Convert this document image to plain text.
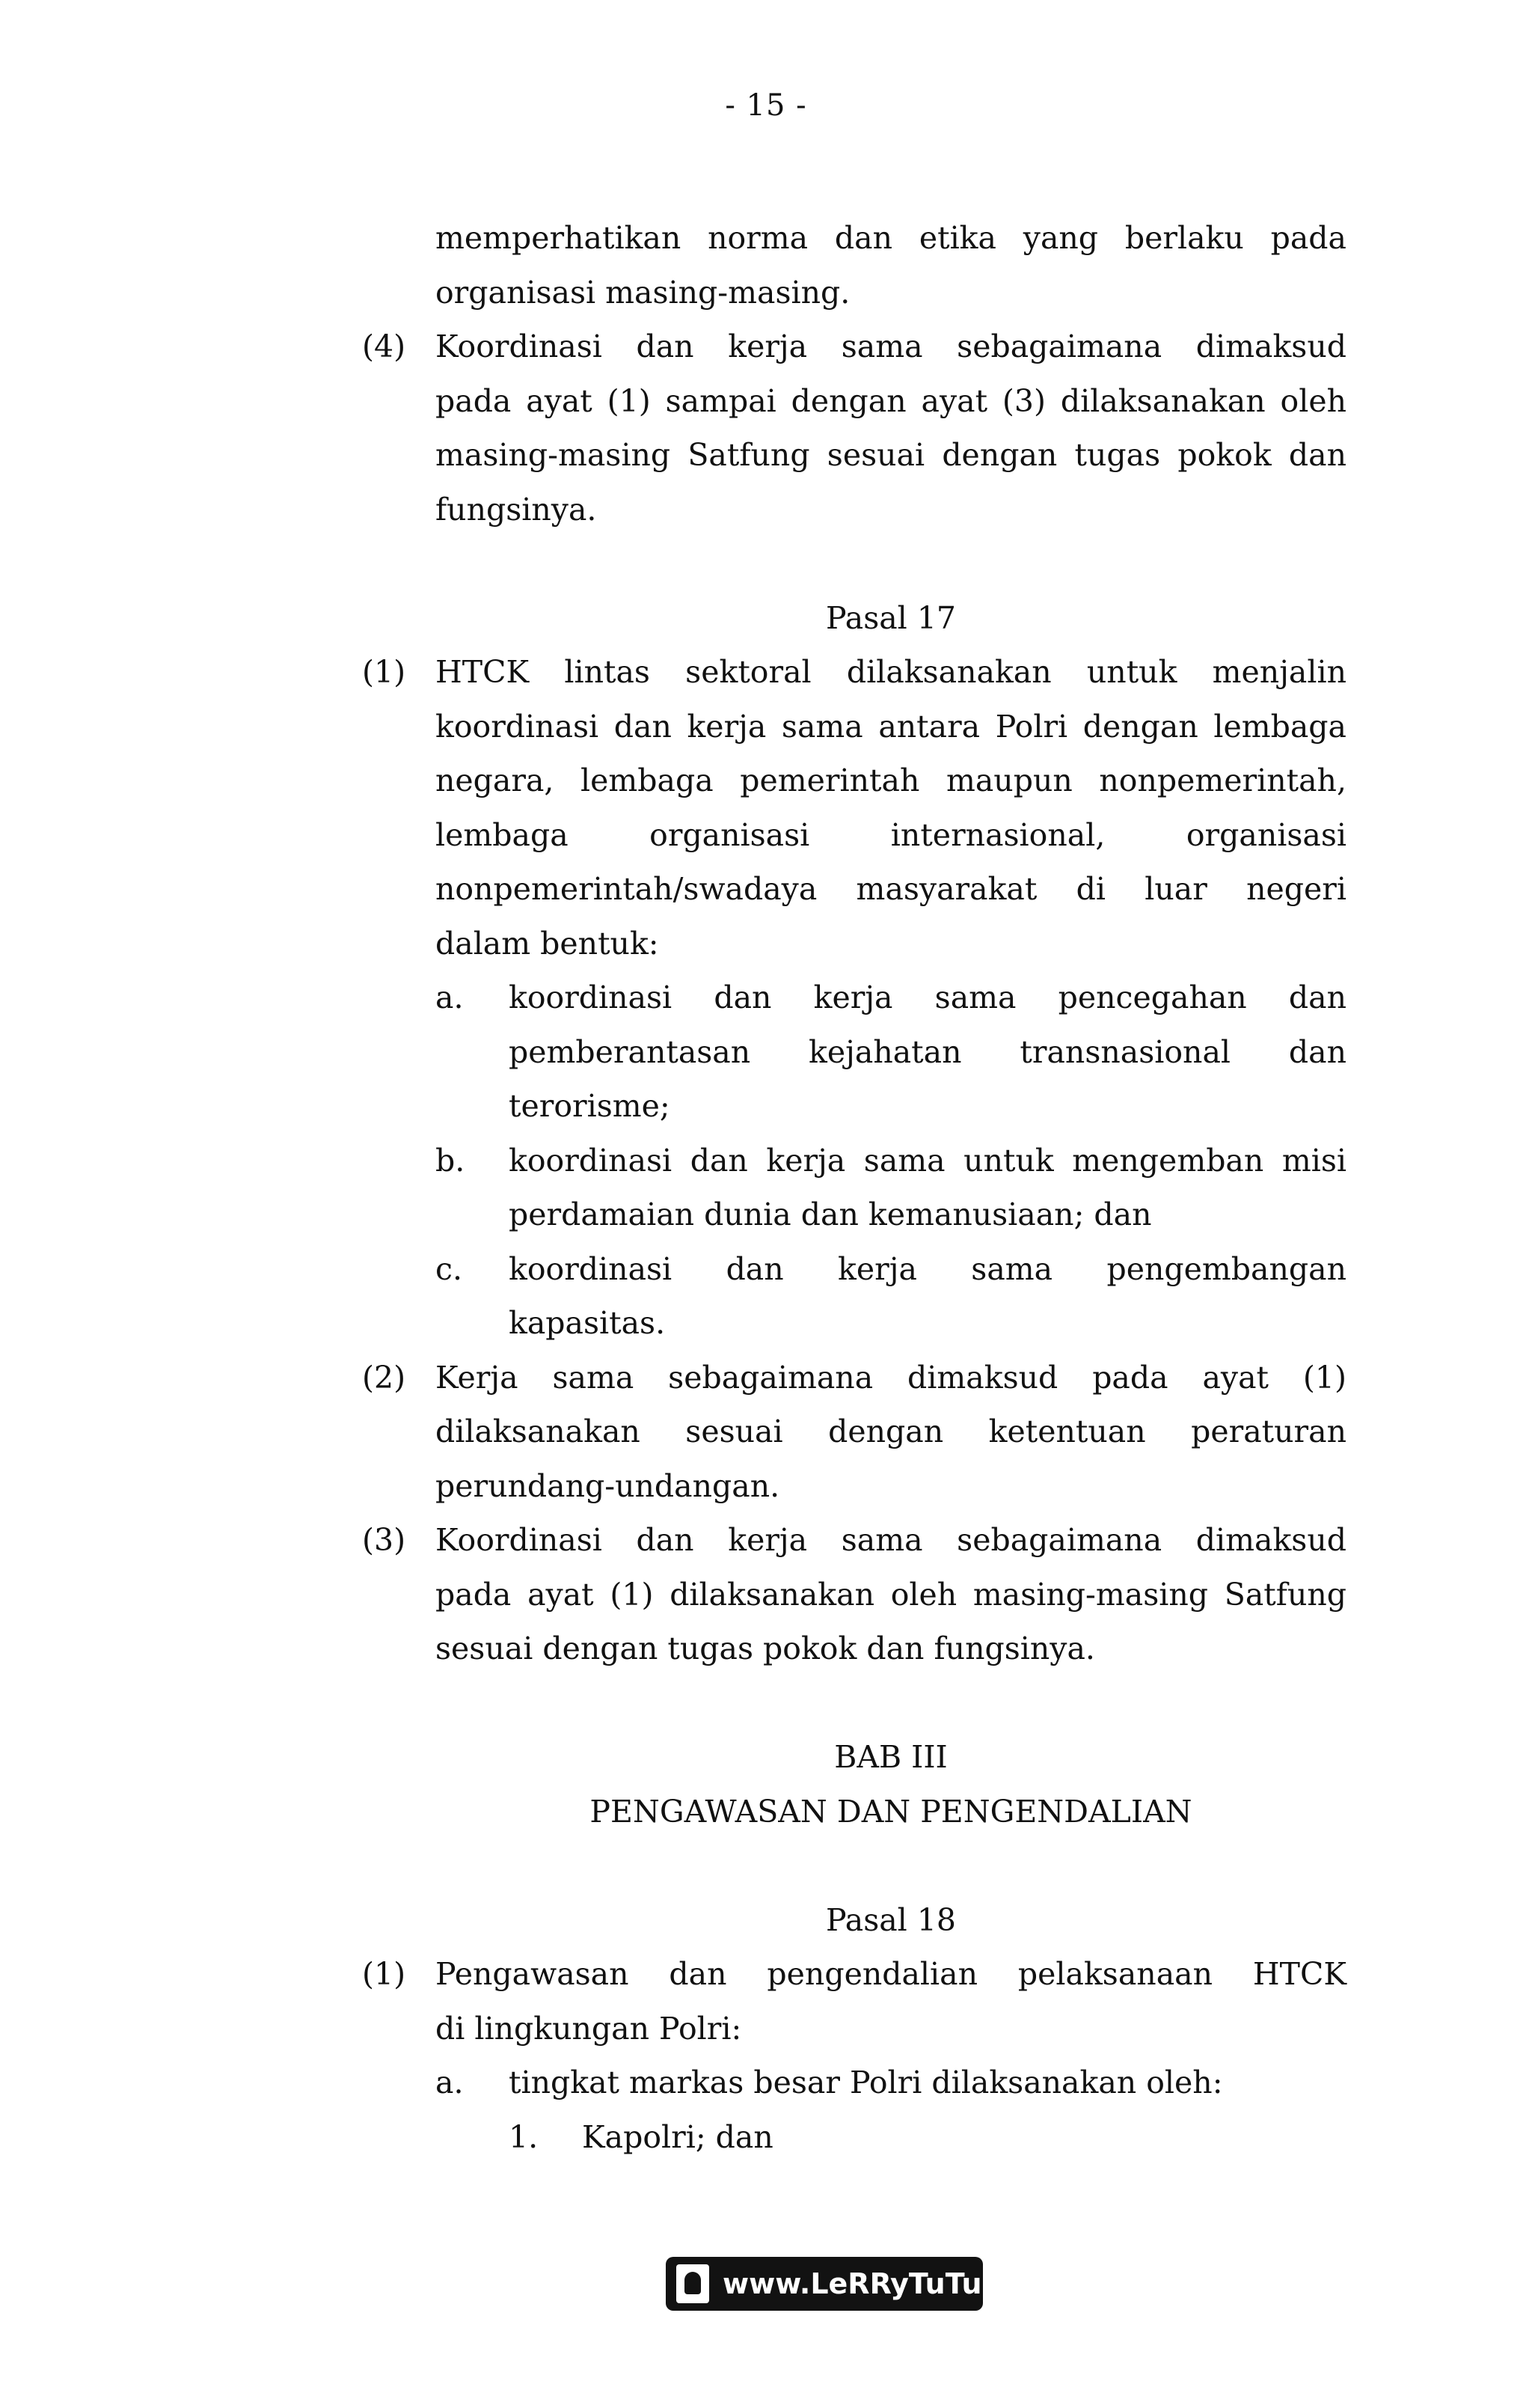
- 15 -
memperhatikan norma dan etika yang berlaku pada
organisasi masing-masing.
(4) Koordinasi dan kerja sama sebagaimana dimaksud
pada ayat (1) sampai dengan ayat (3) dilaksanakan oleh
masing-masing Satfung sesuai dengan tugas pokok dan
fungsinya.
Pasal 17
(1) HTCK lintas sektoral dilaksanakan untuk menjalin
koordinasi dan kerja sama antara Polri dengan lembaga
negara, lembaga pemerintah maupun nonpemerintah,
lembaga organisasi internasional, organisasi
nonpemerintah/swadaya masyarakat di luar negeri
dalam bentuk:
a. koordinasi dan kerja sama pencegahan dan
pemberantasan kejahatan transnasional dan
terorisme;
b. koordinasi dan kerja sama untuk mengemban misi
perdamaian dunia dan kemanusiaan; dan
c. koordinasi dan kerja sama pengembangan
kapasitas.
(2) Kerja sama sebagaimana dimaksud pada ayat (1)
dilaksanakan sesuai dengan ketentuan peraturan
perundang-undangan.
(3) Koordinasi dan kerja sama sebagaimana dimaksud
pada ayat (1) dilaksanakan oleh masing-masing Satfung
sesuai dengan tugas pokok dan fungsinya.
BAB III
PENGAWASAN DAN PENGENDALIAN
Pasal 18
(1) Pengawasan dan pengendalian pelaksanaan HTCK
di lingkungan Polri:
a. tingkat markas besar Polri dilaksanakan oleh:
1. Kapolri; dan
www.LeRRyTuTu.com
